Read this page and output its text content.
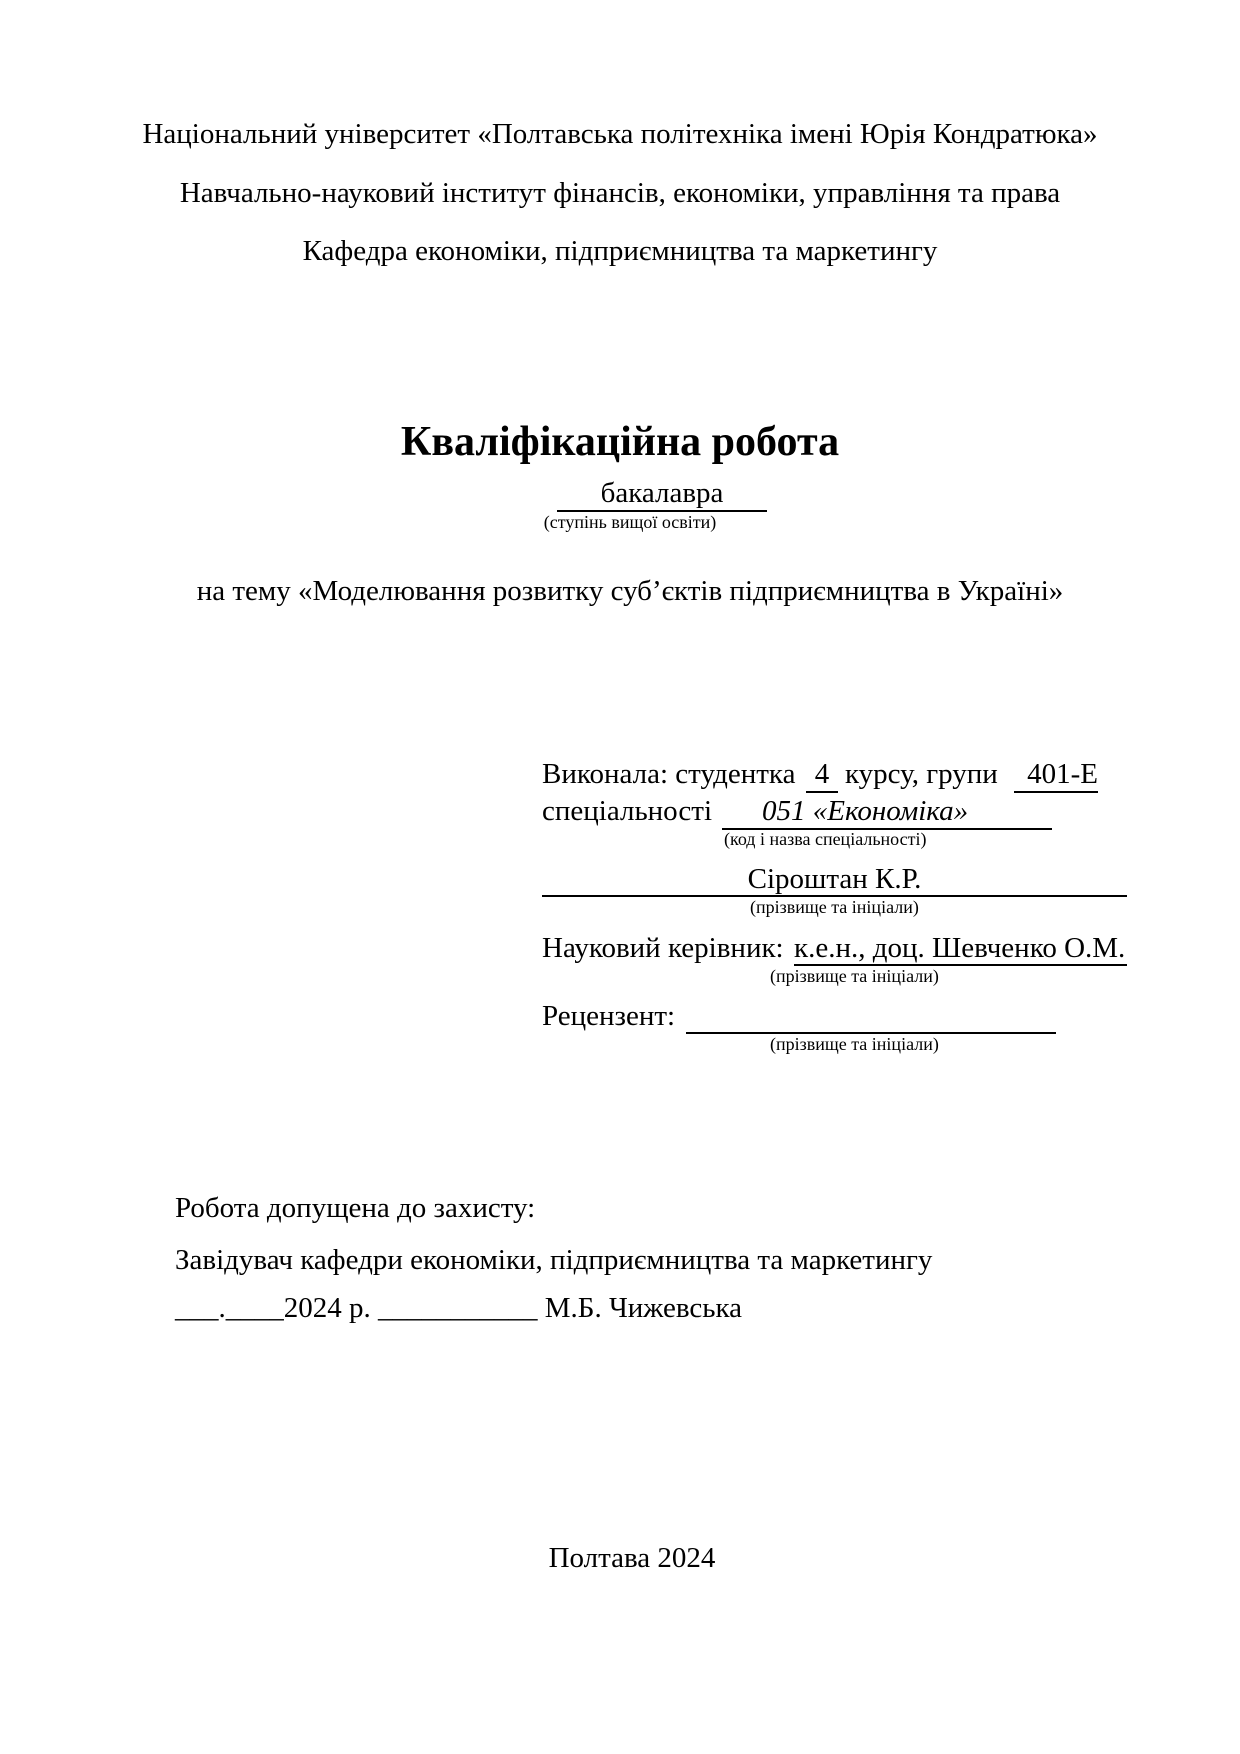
Національний університет «Полтавська політехніка імені Юрія Кондратюка»
Навчально-науковий інститут фінансів, економіки, управління та права
Кафедра економіки, підприємництва та маркетингу
Кваліфікаційна робота
бакалавра
(ступінь вищої освіти)
на тему «Моделювання розвитку суб’єктів підприємництва в Україні»
Виконала: студентка 4 курсу, групи	401-Е
спеціальності	051 «Економіка»
(код і назва спеціальності)
Сіроштан К.Р.
(прізвище та ініціали)
Науковий керівник: к.е.н., доц. Шевченко О.М.
(прізвище та ініціали)
Рецензент:
(прізвище та ініціали)
Робота допущена до захисту:
Завідувач кафедри економіки, підприємництва та маркетингу
___.____2024 р. ___________ М.Б. Чижевська
Полтава 2024
